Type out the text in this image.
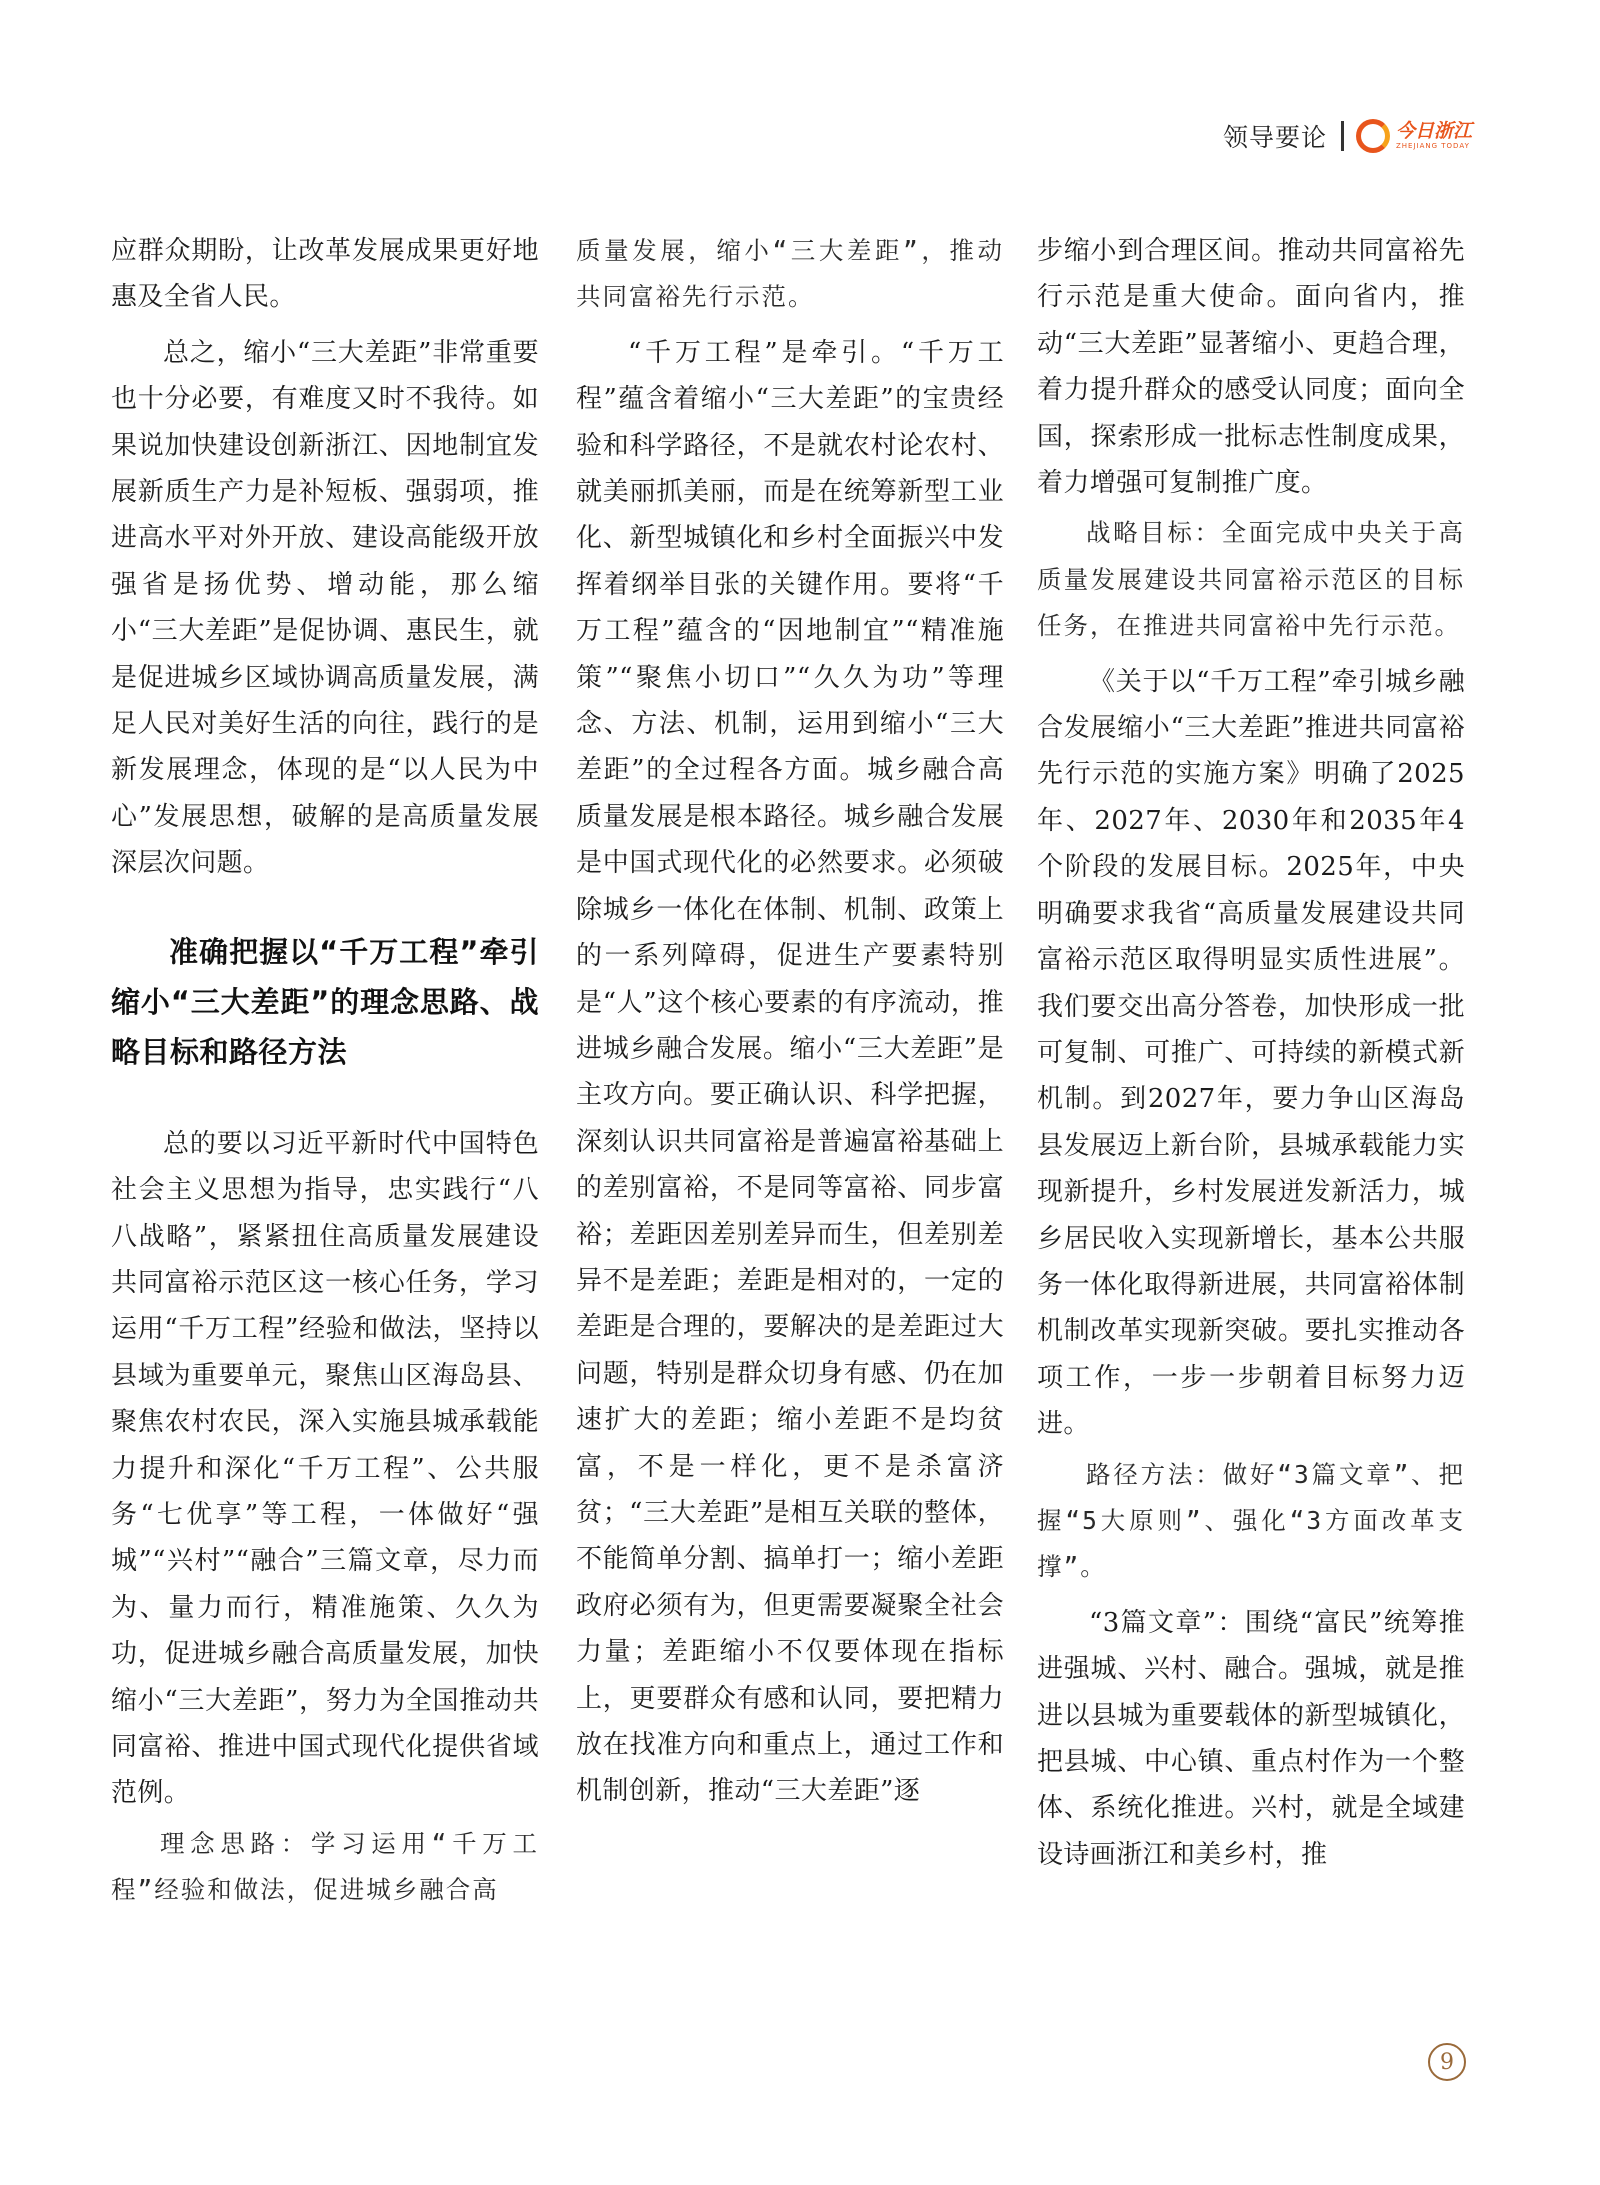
领导要论	今日浙江
ZHEJIANG TODAY

应群众期盼，让改革发展成果更好地惠及全省人民。

总之，缩小“三大差距”非常重要也十分必要，有难度又时不我待。如果说加快建设创新浙江、因地制宜发展新质生产力是补短板、强弱项，推进高水平对外开放、建设高能级开放强省是扬优势、增动能，那么缩小“三大差距”是促协调、惠民生，就是促进城乡区域协调高质量发展，满足人民对美好生活的向往，践行的是新发展理念，体现的是“以人民为中心”发展思想，破解的是高质量发展深层次问题。

准确把握以“千万工程”牵引缩小“三大差距”的理念思路、战略目标和路径方法

总的要以习近平新时代中国特色社会主义思想为指导，忠实践行“八八战略”，紧紧扭住高质量发展建设共同富裕示范区这一核心任务，学习运用“千万工程”经验和做法，坚持以县域为重要单元，聚焦山区海岛县、聚焦农村农民，深入实施县城承载能力提升和深化“千万工程”、公共服务“七优享”等工程，一体做好“强城”“兴村”“融合”三篇文章，尽力而为、量力而行，精准施策、久久为功，促进城乡融合高质量发展，加快缩小“三大差距”，努力为全国推动共同富裕、推进中国式现代化提供省域范例。

理念思路：学习运用“千万工程”经验和做法，促进城乡融合高

质量发展，缩小“三大差距”，推动共同富裕先行示范。

“千万工程”是牵引。“千万工程”蕴含着缩小“三大差距”的宝贵经验和科学路径，不是就农村论农村、就美丽抓美丽，而是在统筹新型工业化、新型城镇化和乡村全面振兴中发挥着纲举目张的关键作用。要将“千万工程”蕴含的“因地制宜”“精准施策”“聚焦小切口”“久久为功”等理念、方法、机制，运用到缩小“三大差距”的全过程各方面。城乡融合高质量发展是根本路径。城乡融合发展是中国式现代化的必然要求。必须破除城乡一体化在体制、机制、政策上的一系列障碍，促进生产要素特别是“人”这个核心要素的有序流动，推进城乡融合发展。缩小“三大差距”是主攻方向。要正确认识、科学把握，深刻认识共同富裕是普遍富裕基础上的差别富裕，不是同等富裕、同步富裕；差距因差别差异而生，但差别差异不是差距；差距是相对的，一定的差距是合理的，要解决的是差距过大问题，特别是群众切身有感、仍在加速扩大的差距；缩小差距不是均贫富，不是一样化，更不是杀富济贫；“三大差距”是相互关联的整体，不能简单分割、搞单打一；缩小差距政府必须有为，但更需要凝聚全社会力量；差距缩小不仅要体现在指标上，更要群众有感和认同，要把精力放在找准方向和重点上，通过工作和机制创新，推动“三大差距”逐

步缩小到合理区间。推动共同富裕先行示范是重大使命。面向省内，推动“三大差距”显著缩小、更趋合理，着力提升群众的感受认同度；面向全国，探索形成一批标志性制度成果，着力增强可复制推广度。

战略目标：全面完成中央关于高质量发展建设共同富裕示范区的目标任务，在推进共同富裕中先行示范。

《关于以“千万工程”牵引城乡融合发展缩小“三大差距”推进共同富裕先行示范的实施方案》明确了2025年、2027年、2030年和2035年4个阶段的发展目标。2025年，中央明确要求我省“高质量发展建设共同富裕示范区取得明显实质性进展”。我们要交出高分答卷，加快形成一批可复制、可推广、可持续的新模式新机制。到2027年，要力争山区海岛县发展迈上新台阶，县城承载能力实现新提升，乡村发展迸发新活力，城乡居民收入实现新增长，基本公共服务一体化取得新进展，共同富裕体制机制改革实现新突破。要扎实推动各项工作，一步一步朝着目标努力迈进。

路径方法：做好“3篇文章”、把握“5大原则”、强化“3方面改革支撑”。

“3篇文章”：围绕“富民”统筹推进强城、兴村、融合。强城，就是推进以县城为重要载体的新型城镇化，把县城、中心镇、重点村作为一个整体、系统化推进。兴村，就是全域建设诗画浙江和美乡村，推

9
